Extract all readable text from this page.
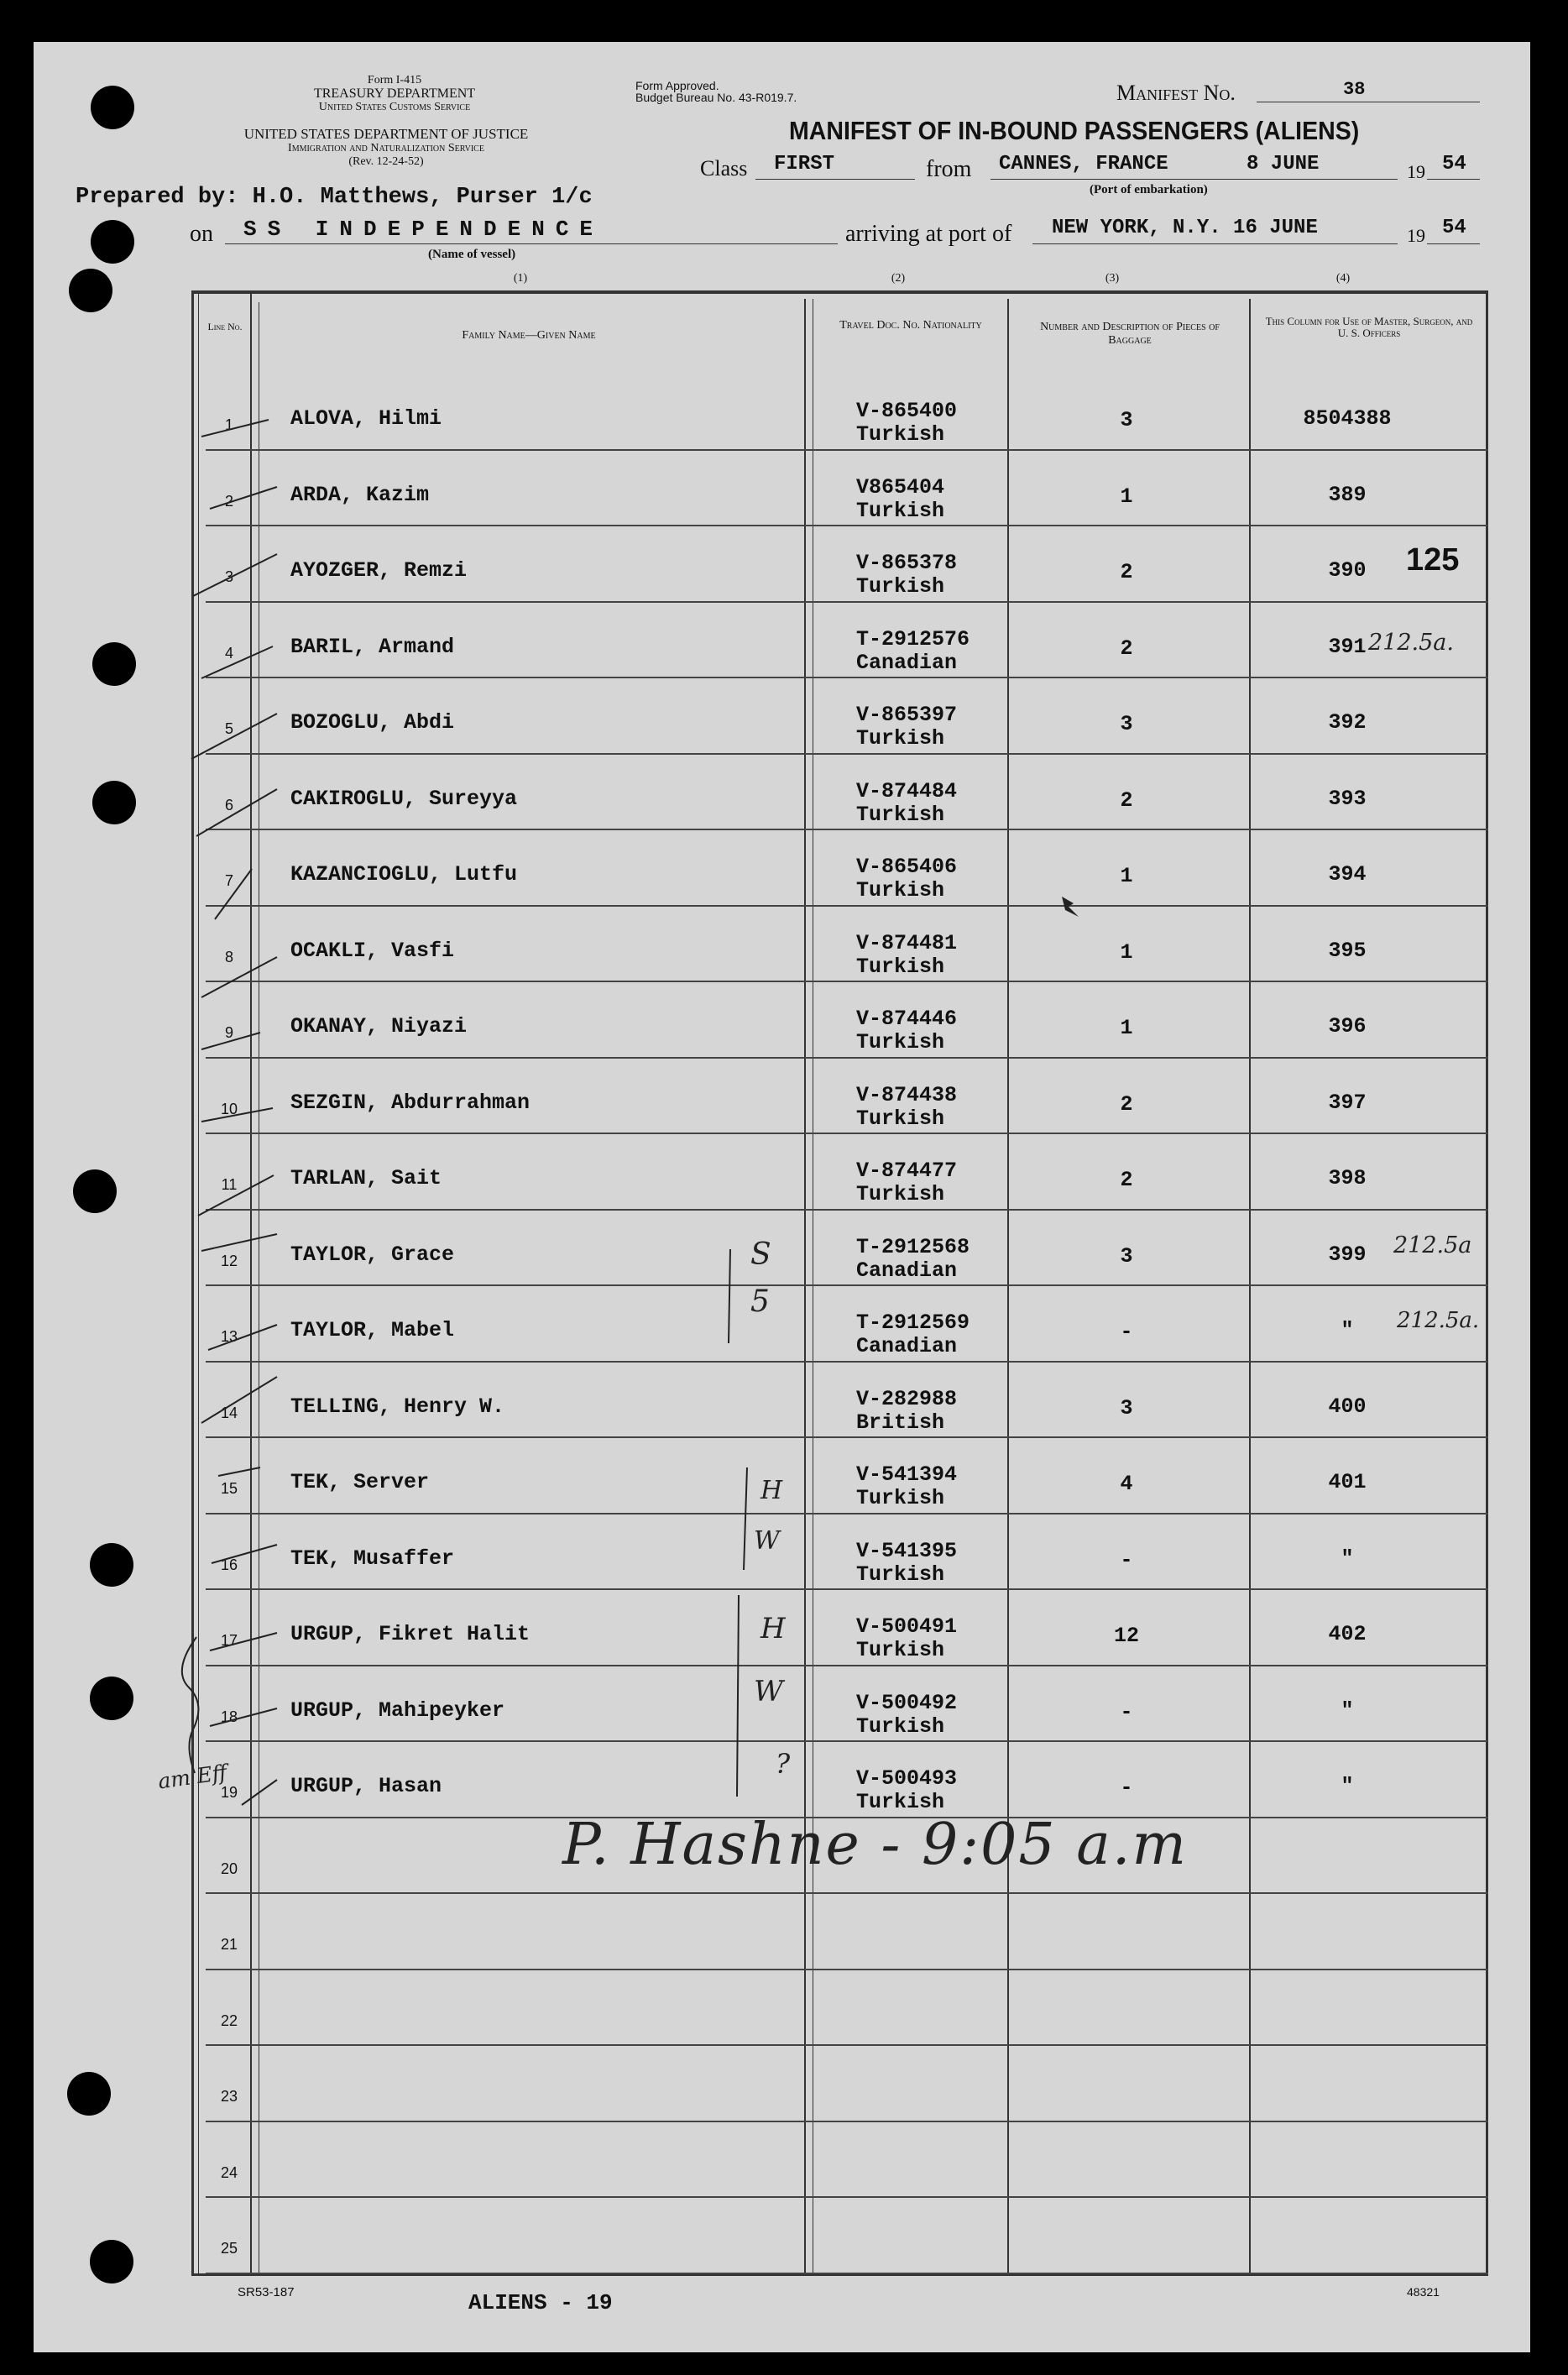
Form I-415
TREASURY DEPARTMENT
United States Customs Service
UNITED STATES DEPARTMENT OF JUSTICE
Immigration and Naturalization Service
(Rev. 12-24-52)
Form Approved.
Budget Bureau No. 43-R019.7.	Manifest No.	38
MANIFEST OF IN-BOUND PASSENGERS (ALIENS)
Class FIRST	from CANNES, FRANCE	8 JUNE	19 54
(Port of embarkation)
Prepared by: H.O. Matthews, Purser 1/c
on SS INDEPENDENCE
(Name of vessel)
arriving at port of NEW YORK, N.Y. 16 JUNE	19 54
(1)	(2)	(3)	(4)
Line No.
Family Name—Given Name
Travel Doc. No. Nationality	Number and Description of Pieces of Baggage
This Column for Use of Master, Surgeon, and U. S. Officers
1	ALOVA, Hilmi	V-865400
Turkish
3	8504388
2	ARDA, Kazim	V865404
Turkish
1	389
3	AYOZGER, Remzi	V-865378
Turkish
2	390
4	BARIL, Armand	T-2912576
Canadian
2	391
5	BOZOGLU, Abdi	V-865397
Turkish
3	392
6	CAKIROGLU, Sureyya	V-874484
Turkish
2	393
7	KAZANCIOGLU, Lutfu	V-865406
Turkish
1	394
8	OCAKLI, Vasfi	V-874481
Turkish
1	395
9	OKANAY, Niyazi	V-874446
Turkish
1	396
10	SEZGIN, Abdurrahman	V-874438
Turkish
2	397
11	TARLAN, Sait	V-874477
Turkish
2	398
12	TAYLOR, Grace	T-2912568
Canadian
3	399
13	TAYLOR, Mabel	T-2912569
Canadian
-	"
14	TELLING, Henry W.	V-282988
British
3	400
15	TEK, Server	V-541394
Turkish
4	401
16	TEK, Musaffer	V-541395
Turkish
-	"
17	URGUP, Fikret Halit	V-500491
Turkish
12	402
18	URGUP, Mahipeyker	V-500492
Turkish
-	"
19	URGUP, Hasan	V-500493
Turkish
-	"
20
21
22
23
24
25
125
212.5a.
212.5a
212.5a.
S
5
H
W
H
W
?
am Eff
P. Hashne - 9:05 a.m
SR53-187	ALIENS - 19	48321
